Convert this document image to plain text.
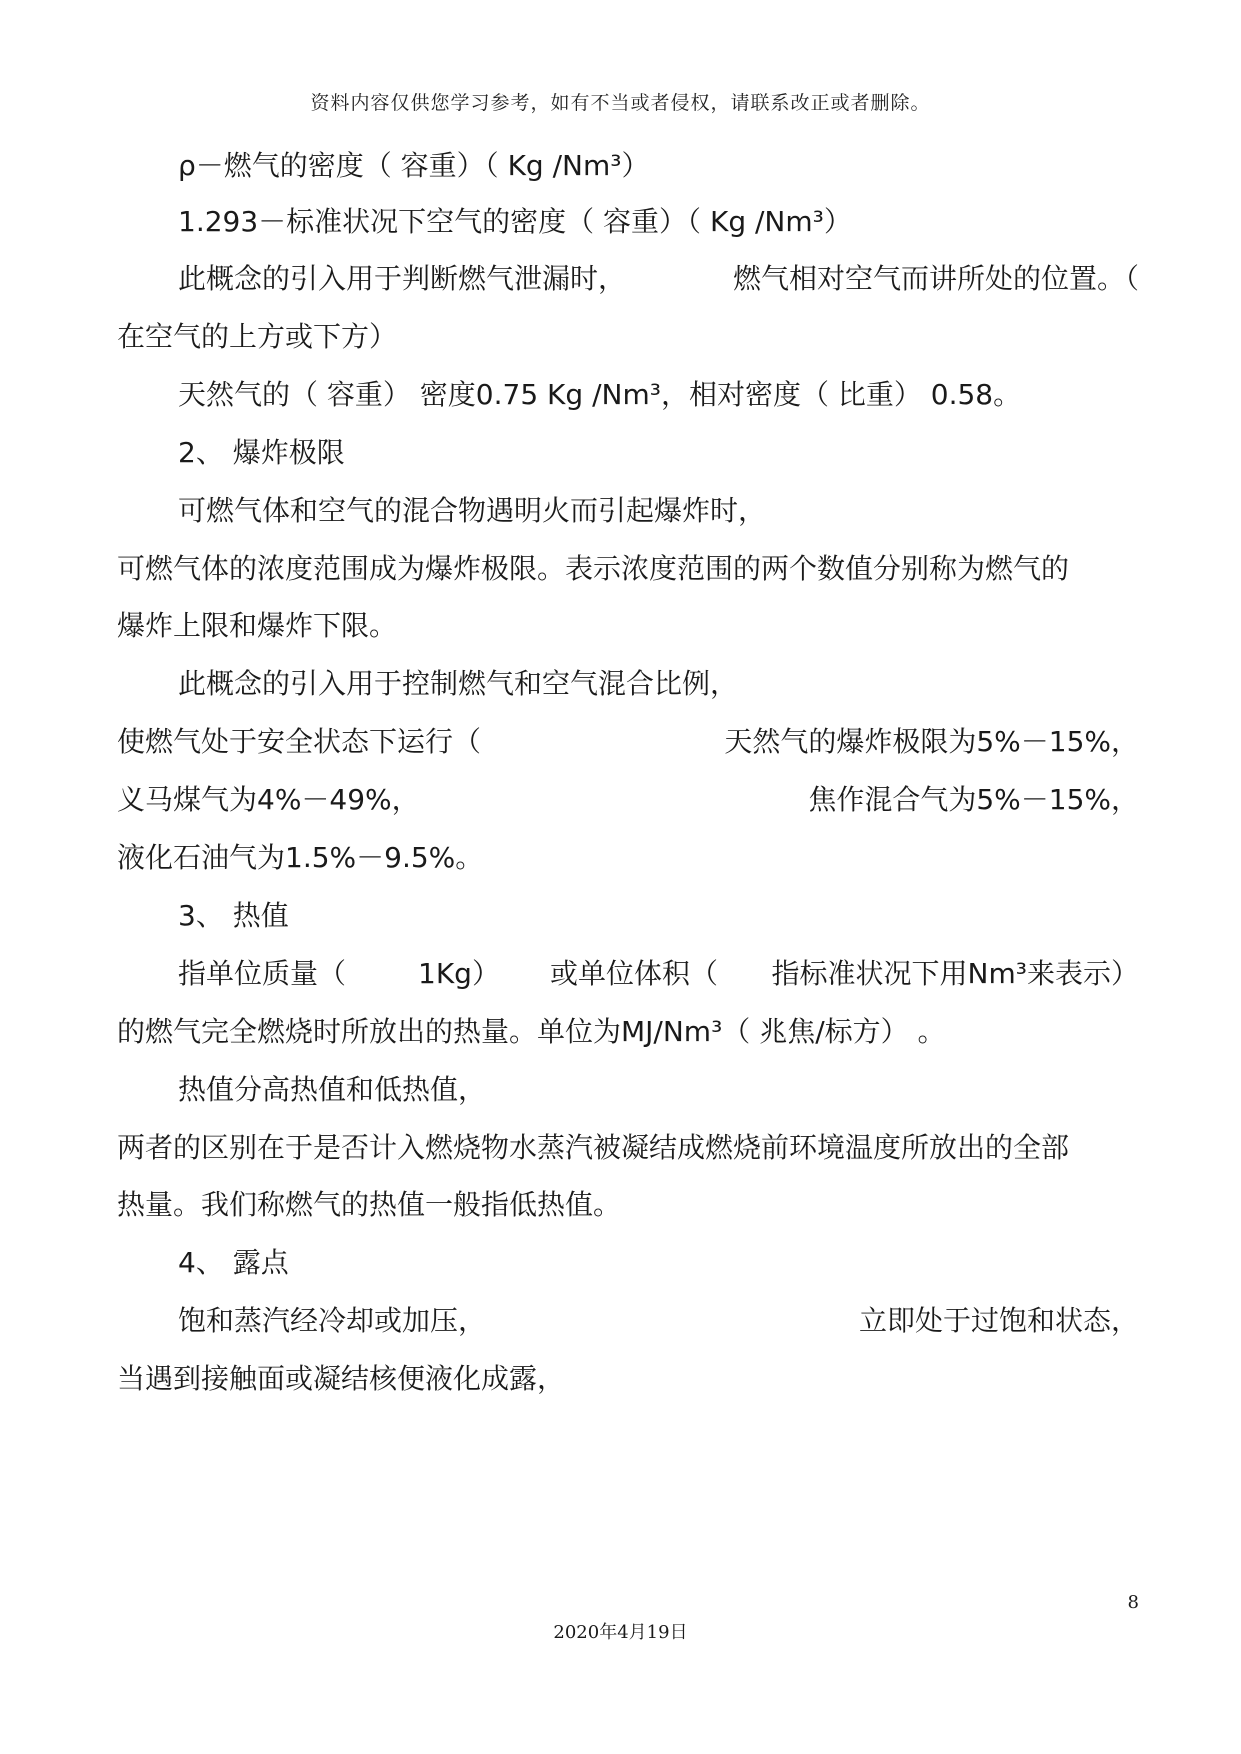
资料内容仅供您学习参考，如有不当或者侵权，请联系改正或者删除。
ρ－燃气的密度（ 容重）（ Kg /Nm³）
1.293－标准状况下空气的密度（ 容重）（ Kg /Nm³）
此概念的引入用于判断燃气泄漏时，	燃气相对空气而讲所处的位置。（
在空气的上方或下方）
天然气的（ 容重） 密度0.75 Kg /Nm³，相对密度（ 比重） 0.58。
2、 爆炸极限
可燃气体和空气的混合物遇明火而引起爆炸时，
可燃气体的浓度范围成为爆炸极限。表示浓度范围的两个数值分别称为燃气的
爆炸上限和爆炸下限。
此概念的引入用于控制燃气和空气混合比例，
使燃气处于安全状态下运行（	天然气的爆炸极限为5%－15%，
义马煤气为4%－49%，	焦作混合气为5%－15%，
液化石油气为1.5%－9.5%。
3、 热值
指单位质量（	1Kg） 或单位体积（ 指标准状况下用Nm³来表示）
的燃气完全燃烧时所放出的热量。单位为MJ/Nm³（ 兆焦/标方） 。
热值分高热值和低热值，
两者的区别在于是否计入燃烧物水蒸汽被凝结成燃烧前环境温度所放出的全部
热量。我们称燃气的热值一般指低热值。
4、 露点
饱和蒸汽经冷却或加压，	立即处于过饱和状态，
当遇到接触面或凝结核便液化成露，
8
2020年4月19日
